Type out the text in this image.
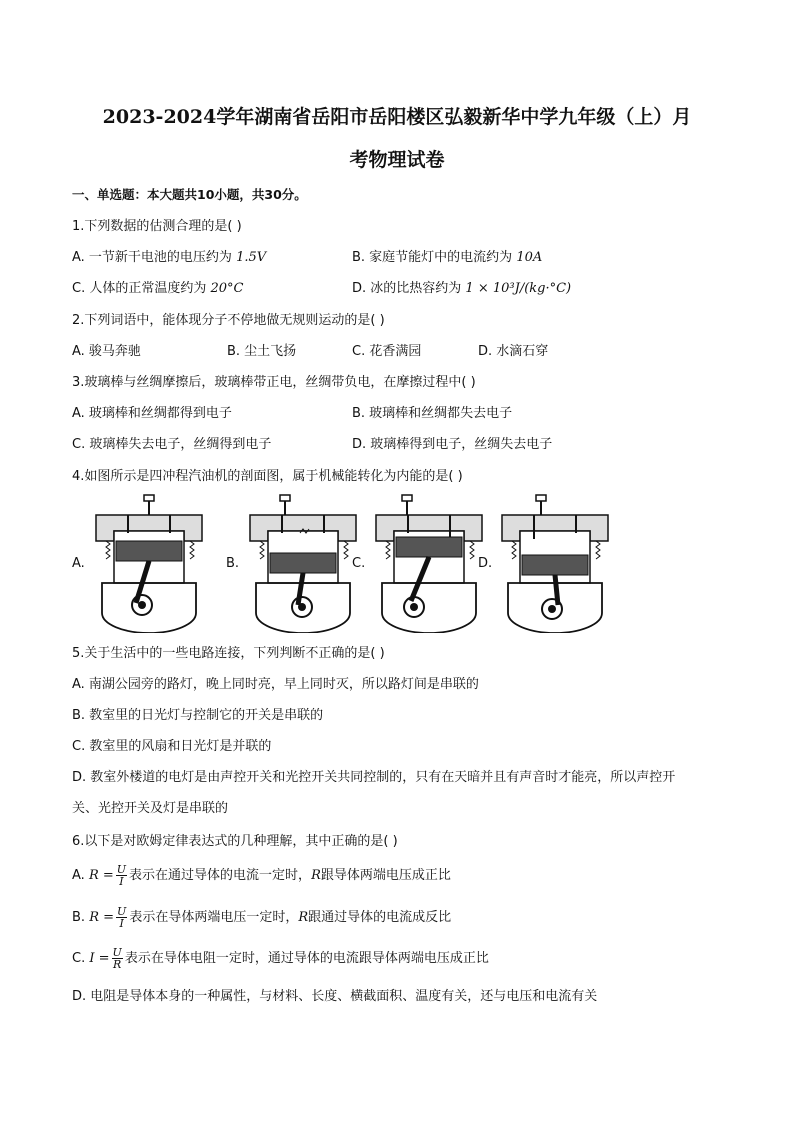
2023-2024学年湖南省岳阳市岳阳楼区弘毅新华中学九年级（上）月
考物理试卷
一、单选题：本大题共10小题，共30分。
1.下列数据的估测合理的是( )
A. 一节新干电池的电压约为 1.5V	B. 家庭节能灯中的电流约为 10A
C. 人体的正常温度约为 20°C	D. 冰的比热容约为 1 × 10³J/(kg·°C)
2.下列词语中，能体现分子不停地做无规则运动的是( )
A. 骏马奔驰	B. 尘土飞扬	C. 花香满园	D. 水滴石穿
3.玻璃棒与丝绸摩擦后，玻璃棒带正电，丝绸带负电，在摩擦过程中( )
A. 玻璃棒和丝绸都得到电子	B. 玻璃棒和丝绸都失去电子
C. 玻璃棒失去电子，丝绸得到电子	D. 玻璃棒得到电子，丝绸失去电子
4.如图所示是四冲程汽油机的剖面图，属于机械能转化为内能的是( )
A.	B.	C.	D.
5.关于生活中的一些电路连接，下列判断不正确的是( )
A. 南湖公园旁的路灯，晚上同时亮，早上同时灭，所以路灯间是串联的
B. 教室里的日光灯与控制它的开关是串联的
C. 教室里的风扇和日光灯是并联的
D. 教室外楼道的电灯是由声控开关和光控开关共同控制的，只有在天暗并且有声音时才能亮，所以声控开
关、光控开关及灯是串联的
6.以下是对欧姆定律表达式的几种理解，其中正确的是( )
A. $R = \frac{U}{I}$ 表示在通过导体的电流一定时，R跟导体两端电压成正比
B. $R = \frac{U}{I}$ 表示在导体两端电压一定时，R跟通过导体的电流成反比
C. $I = \frac{U}{R}$ 表示在导体电阻一定时，通过导体的电流跟导体两端电压成正比
D. 电阻是导体本身的一种属性，与材料、长度、横截面积、温度有关，还与电压和电流有关
